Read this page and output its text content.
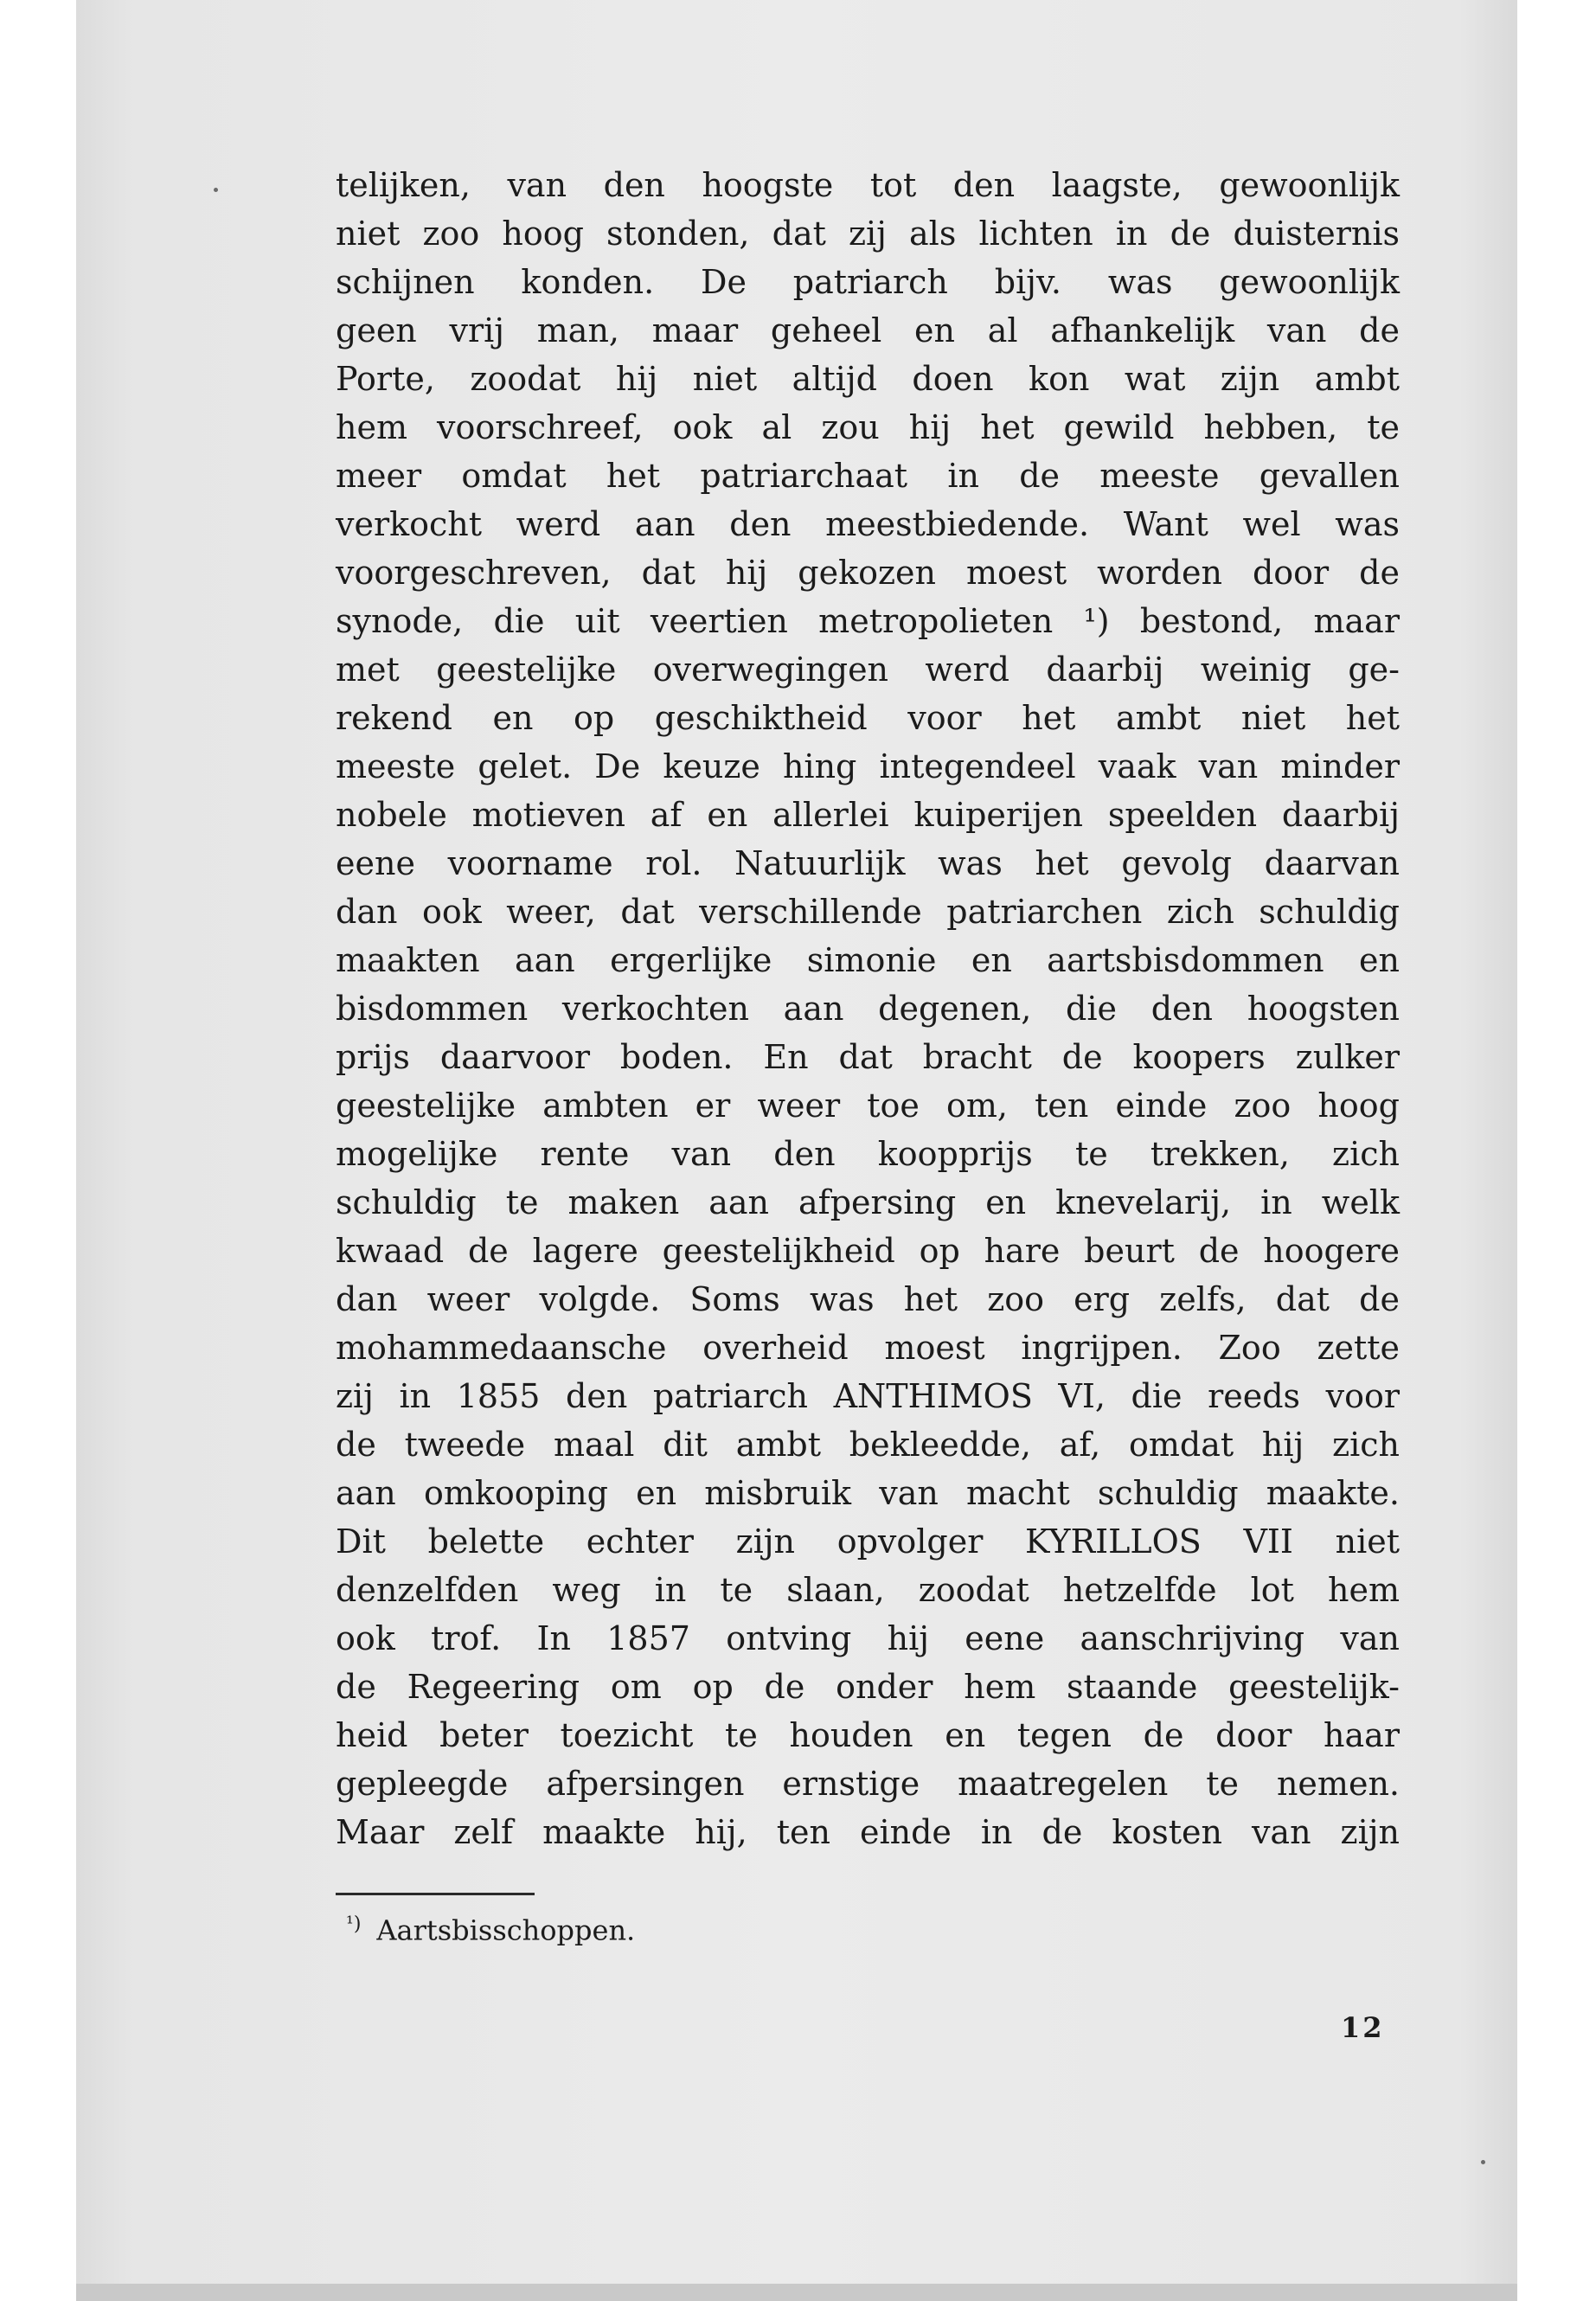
telijken, van den hoogste tot den laagste, gewoonlijk
niet zoo hoog stonden, dat zij als lichten in de duisternis
schijnen konden. De patriarch bijv. was gewoonlijk
geen vrij man, maar geheel en al afhankelijk van de
Porte, zoodat hij niet altijd doen kon wat zijn ambt
hem voorschreef, ook al zou hij het gewild hebben, te
meer omdat het patriarchaat in de meeste gevallen
verkocht werd aan den meestbiedende. Want wel was
voorgeschreven, dat hij gekozen moest worden door de
synode, die uit veertien metropolieten ¹) bestond, maar
met geestelijke overwegingen werd daarbij weinig ge-
rekend en op geschiktheid voor het ambt niet het
meeste gelet. De keuze hing integendeel vaak van minder
nobele motieven af en allerlei kuiperijen speelden daarbij
eene voorname rol. Natuurlijk was het gevolg daarvan
dan ook weer, dat verschillende patriarchen zich schuldig
maakten aan ergerlijke simonie en aartsbisdommen en
bisdommen verkochten aan degenen, die den hoogsten
prijs daarvoor boden. En dat bracht de koopers zulker
geestelijke ambten er weer toe om, ten einde zoo hoog
mogelijke rente van den koopprijs te trekken, zich
schuldig te maken aan afpersing en knevelarij, in welk
kwaad de lagere geestelijkheid op hare beurt de hoogere
dan weer volgde. Soms was het zoo erg zelfs, dat de
mohammedaansche overheid moest ingrijpen. Zoo zette
zij in 1855 den patriarch ANTHIMOS VI, die reeds voor
de tweede maal dit ambt bekleedde, af, omdat hij zich
aan omkooping en misbruik van macht schuldig maakte.
Dit belette echter zijn opvolger KYRILLOS VII niet
denzelfden weg in te slaan, zoodat hetzelfde lot hem
ook trof. In 1857 ontving hij eene aanschrijving van
de Regeering om op de onder hem staande geestelijk-
heid beter toezicht te houden en tegen de door haar
gepleegde afpersingen ernstige maatregelen te nemen.
Maar zelf maakte hij, ten einde in de kosten van zijn
$^{^1)}$ Aartsbisschoppen.
12
